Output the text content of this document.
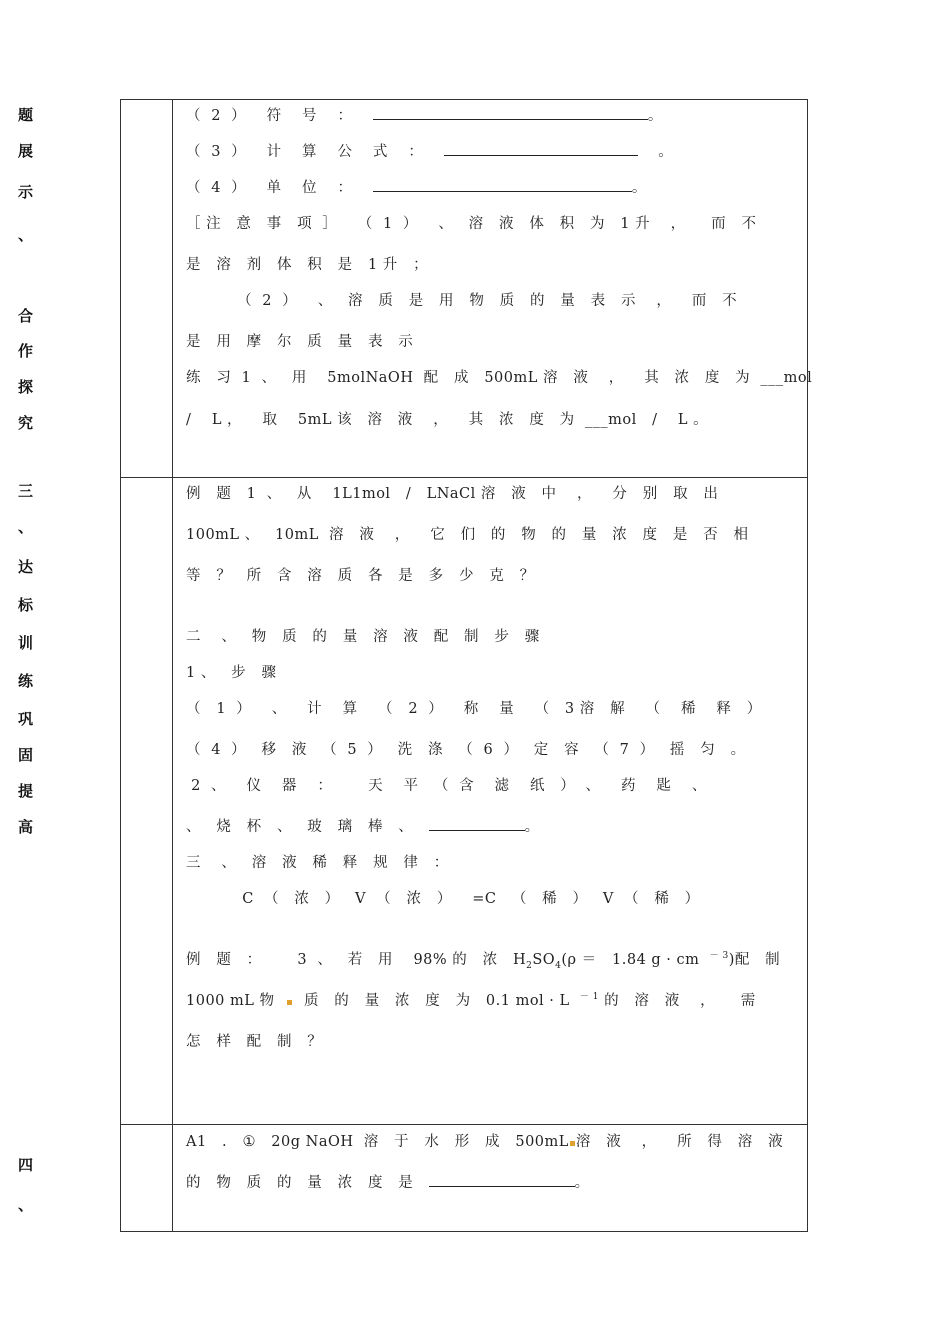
题
展
示
、
合
作
探
究
三
、
达
标
训
练
巩
固
提
高
四
、
（  2  ）    符    号    ：	。
（  3  ）    计    算    公    式    ：	。
（  4  ）    单    位    ：	。
［ 注   意   事   项  ］    （  1  ）    、   溶   液   体   积   为   1 升    ，     而   不
是   溶   剂   体   积   是   1 升   ；
（  2  ）    、   溶   质   是   用   物   质   的   量   表   示    ，    而   不
是   用   摩   尔   质   量   表   示
练   习  1  、   用    5molNaOH  配   成   500mL 溶   液    ，    其   浓   度   为  ___mol
/    L ，    取    5mL 该   溶   液    ，    其   浓   度   为  ___mol   /    L 。
例   题   1  、   从    1L1mol   /   LNaCl 溶   液   中    ，    分   别   取   出
100mL 、   10mL  溶   液    ，    它   们   的   物   的   量   浓   度   是   否   相
等   ？   所   含   溶   质   各   是   多   少   克   ？
二    、   物   质   的   量   溶   液   配   制   步   骤
1 、   步   骤
（   1  ）    、    计    算    （   2  ）    称    量    （   3 溶   解    （    稀    释   ）
（  4  ）   移   液   （  5  ）   洗   涤   （  6  ）   定   容   （  7  ）   摇   匀   。
2  、    仪    器    ：       天    平   （  含    滤    纸   ）  、    药    匙    、
、   烧   杯   、   玻   璃   棒   、	。
三    、   溶   液   稀   释   规   律   ：
C  （   浓   ）   V  （   浓   ）    =C   （   稀   ）   V  （   稀   ）
例   题   ：       3  、   若   用    98% 的   浓   $H_2SO_4(\rho = 1.84$ g · cm  $^{- 3}$)配   制
1000 mL 物 质   的   量   浓   度   为   0.1 mol · L  $^{- 1}$ 的   溶   液    ，     需
怎   样   配   制   ？
A1   .   ①   20g NaOH  溶   于   水   形   成   500mL 溶   液    ，    所   得   溶   液
的   物   质   的   量   浓   度   是	。
